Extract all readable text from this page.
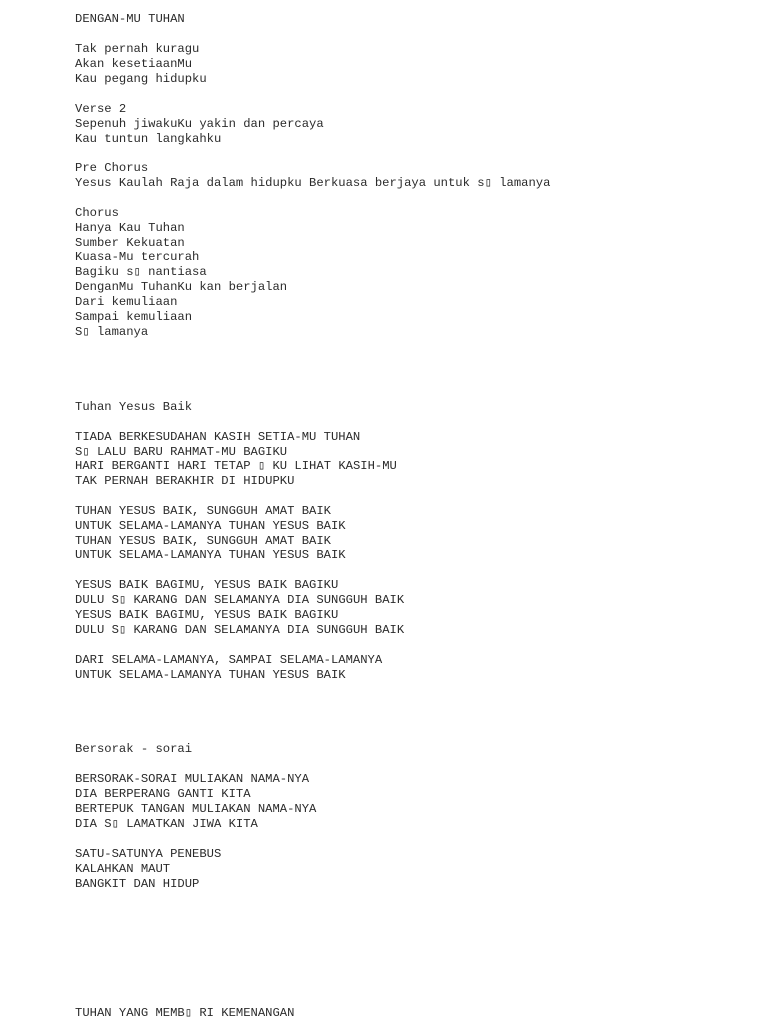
DENGAN-MU TUHAN

Tak pernah kuragu

Akan kesetiaanMu

Kau pegang hidupku

Verse 2

Sepenuh jiwakuKu yakin dan percaya

Kau tuntun langkahku

Pre Chorus

Yesus Kaulah Raja dalam hidupku Berkuasa berjaya untuk s▯ lamanya

Chorus

Hanya Kau Tuhan

Sumber Kekuatan

Kuasa-Mu tercurah

Bagiku s▯ nantiasa

DenganMu TuhanKu kan berjalan

Dari kemuliaan

Sampai kemuliaan

S▯ lamanya

Tuhan Yesus Baik

TIADA BERKESUDAHAN KASIH SETIA-MU TUHAN

S▯ LALU BARU RAHMAT-MU BAGIKU

HARI BERGANTI HARI TETAP ▯ KU LIHAT KASIH-MU

TAK PERNAH BERAKHIR DI HIDUPKU

TUHAN YESUS BAIK, SUNGGUH AMAT BAIK

UNTUK SELAMA-LAMANYA TUHAN YESUS BAIK

TUHAN YESUS BAIK, SUNGGUH AMAT BAIK

UNTUK SELAMA-LAMANYA TUHAN YESUS BAIK

YESUS BAIK BAGIMU, YESUS BAIK BAGIKU

DULU S▯ KARANG DAN SELAMANYA DIA SUNGGUH BAIK

YESUS BAIK BAGIMU, YESUS BAIK BAGIKU

DULU S▯ KARANG DAN SELAMANYA DIA SUNGGUH BAIK

DARI SELAMA-LAMANYA, SAMPAI SELAMA-LAMANYA

UNTUK SELAMA-LAMANYA TUHAN YESUS BAIK

Bersorak - sorai

BERSORAK-SORAI MULIAKAN NAMA-NYA

DIA BERPERANG GANTI KITA

BERTEPUK TANGAN MULIAKAN NAMA-NYA

DIA S▯ LAMATKAN JIWA KITA

SATU-SATUNYA PENEBUS

KALAHKAN MAUT

BANGKIT DAN HIDUP

TUHAN YANG MEMB▯ RI KEMENANGAN
